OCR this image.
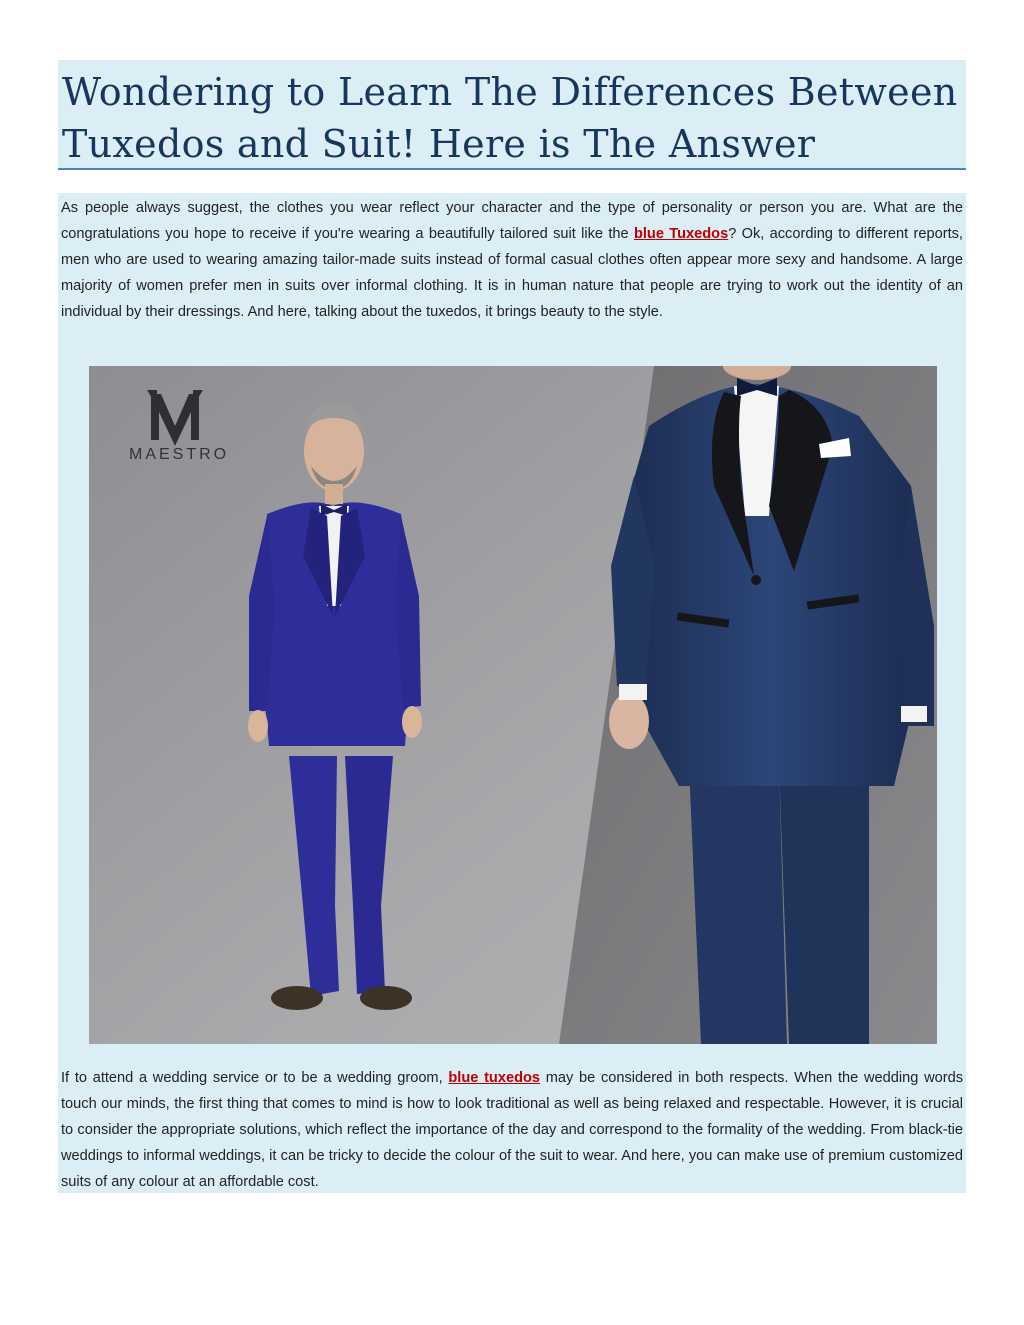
Wondering to Learn The Differences Between Tuxedos and Suit! Here is The Answer
As people always suggest, the clothes you wear reflect your character and the type of personality or person you are. What are the congratulations you hope to receive if you're wearing a beautifully tailored suit like the blue Tuxedos? Ok, according to different reports, men who are used to wearing amazing tailor-made suits instead of formal casual clothes often appear more sexy and handsome. A large majority of women prefer men in suits over informal clothing. It is in human nature that people are trying to work out the identity of an individual by their dressings. And here, talking about the tuxedos, it brings beauty to the style.
If to attend a wedding service or to be a wedding groom, blue tuxedos may be considered in both respects. When the wedding words touch our minds, the first thing that comes to mind is how to look traditional as well as being relaxed and respectable. However, it is crucial to consider the appropriate solutions, which reflect the importance of the day and correspond to the formality of the wedding. From black-tie weddings to informal weddings, it can be tricky to decide the colour of the suit to wear. And here, you can make use of premium customized suits of any colour at an affordable cost.
MAESTRO
